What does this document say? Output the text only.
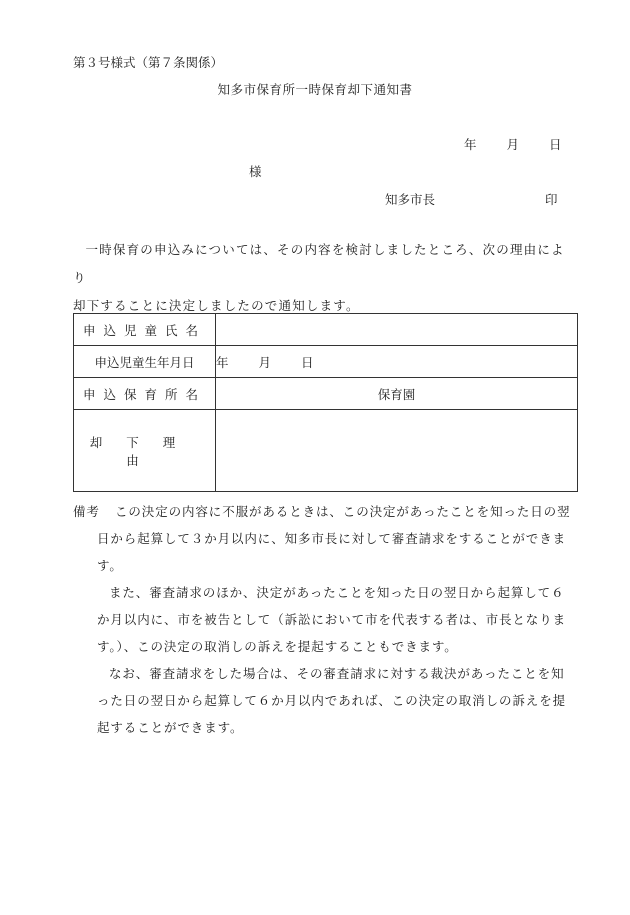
第３号様式（第７条関係）
知多市保育所一時保育却下通知書
年 月 日
様
知多市長	印

一時保育の申込みについては、その内容を検討しましたところ、次の理由により

却下することに決定しましたので通知します。

申込児童氏名	
申込児童生年月日	年 月 日
申込保育所名	保育園
却下理由	
備考	この決定の内容に不服があるときは、この決定があったことを知った日の翌
日から起算して３か月以内に、知多市長に対して審査請求をすることができま
す。
また、審査請求のほか、決定があったことを知った日の翌日から起算して６
か月以内に、市を被告として（訴訟において市を代表する者は、市長となりま
す。）、この決定の取消しの訴えを提起することもできます。
なお、審査請求をした場合は、その審査請求に対する裁決があったことを知
った日の翌日から起算して６か月以内であれば、この決定の取消しの訴えを提
起することができます。
